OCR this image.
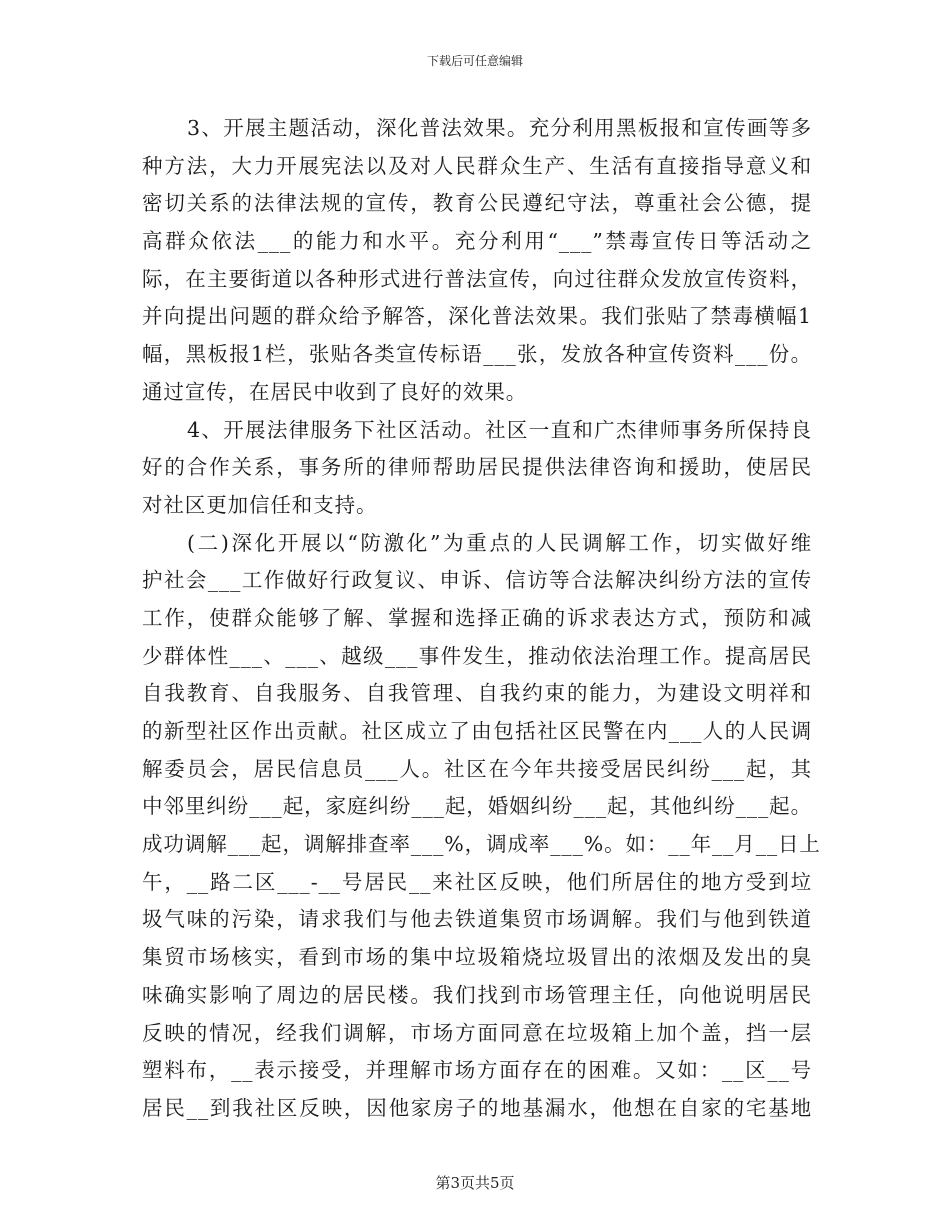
下载后可任意编辑
3、开展主题活动，深化普法效果。充分利用黑板报和宣传画等多
种方法，大力开展宪法以及对人民群众生产、生活有直接指导意义和
密切关系的法律法规的宣传，教育公民遵纪守法，尊重社会公德，提
高群众依法___的能力和水平。充分利用“___”禁毒宣传日等活动之
际，在主要街道以各种形式进行普法宣传，向过往群众发放宣传资料，
并向提出问题的群众给予解答，深化普法效果。我们张贴了禁毒横幅1
幅，黑板报1栏，张贴各类宣传标语___张，发放各种宣传资料___份。
通过宣传，在居民中收到了良好的效果。
4、开展法律服务下社区活动。社区一直和广杰律师事务所保持良
好的合作关系，事务所的律师帮助居民提供法律咨询和援助，使居民
对社区更加信任和支持。
(二)深化开展以“防激化”为重点的人民调解工作，切实做好维
护社会___工作做好行政复议、申诉、信访等合法解决纠纷方法的宣传
工作，使群众能够了解、掌握和选择正确的诉求表达方式，预防和减
少群体性___、___、越级___事件发生，推动依法治理工作。提高居民
自我教育、自我服务、自我管理、自我约束的能力，为建设文明祥和
的新型社区作出贡献。社区成立了由包括社区民警在内___人的人民调
解委员会，居民信息员___人。社区在今年共接受居民纠纷___起，其
中邻里纠纷___起，家庭纠纷___起，婚姻纠纷___起，其他纠纷___起。
成功调解___起，调解排查率___%，调成率___%。如：__年__月__日上
午，__路二区___-__号居民__来社区反映，他们所居住的地方受到垃
圾气味的污染，请求我们与他去铁道集贸市场调解。我们与他到铁道
集贸市场核实，看到市场的集中垃圾箱烧垃圾冒出的浓烟及发出的臭
味确实影响了周边的居民楼。我们找到市场管理主任，向他说明居民
反映的情况，经我们调解，市场方面同意在垃圾箱上加个盖，挡一层
塑料布，__表示接受，并理解市场方面存在的困难。又如：__区__号
居民__到我社区反映，因他家房子的地基漏水，他想在自家的宅基地
第3页共5页
